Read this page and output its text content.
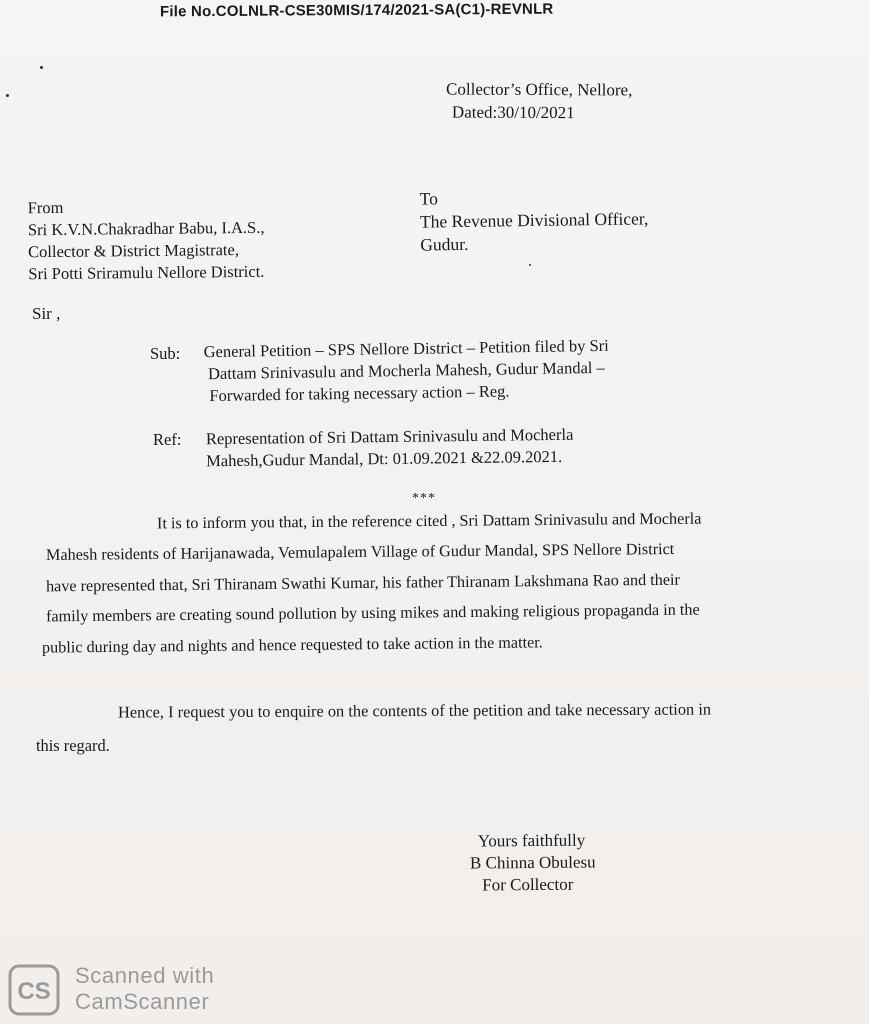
File No.COLNLR-CSE30MIS/174/2021-SA(C1)-REVNLR
Collector’s Office, Nellore,
Dated:30/10/2021
From
Sri K.V.N.Chakradhar Babu, I.A.S.,
Collector & District Magistrate,
Sri Potti Sriramulu Nellore District.
To
The Revenue Divisional Officer,
Gudur.
Sir ,
Sub: General Petition – SPS Nellore District – Petition filed by Sri
Dattam Srinivasulu and Mocherla Mahesh, Gudur Mandal –
Forwarded for taking necessary action – Reg.
Ref: Representation of Sri Dattam Srinivasulu and Mocherla
Mahesh,Gudur Mandal, Dt: 01.09.2021 &22.09.2021.
***
It is to inform you that, in the reference cited , Sri Dattam Srinivasulu and Mocherla
Mahesh residents of Harijanawada, Vemulapalem Village of Gudur Mandal, SPS Nellore District
have represented that, Sri Thiranam Swathi Kumar, his father Thiranam Lakshmana Rao and their
family members are creating sound pollution by using mikes and making religious propaganda in the
public during day and nights and hence requested to take action in the matter.
Hence, I request you to enquire on the contents of the petition and take necessary action in
this regard.
Yours faithfully
B Chinna Obulesu
For Collector
CS
Scanned with
CamScanner
